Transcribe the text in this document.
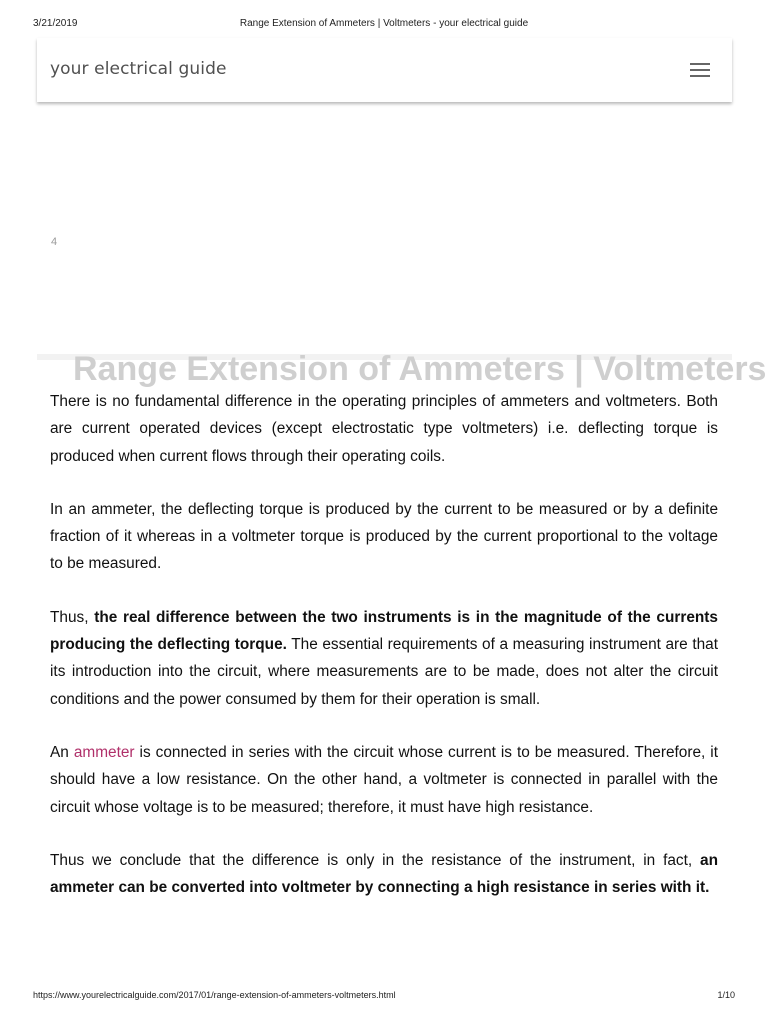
3/21/2019	Range Extension of Ammeters | Voltmeters - your electrical guide
your electrical guide
4
Range Extension of Ammeters | Voltmeters

There is no fundamental difference in the operating principles of ammeters and voltmeters. Both are current operated devices (except electrostatic type voltmeters) i.e. deflecting torque is produced when current flows through their operating coils.

In an ammeter, the deflecting torque is produced by the current to be measured or by a definite fraction of it whereas in a voltmeter torque is produced by the current proportional to the voltage to be measured.

Thus, the real difference between the two instruments is in the magnitude of the currents producing the deflecting torque. The essential requirements of a measuring instrument are that its introduction into the circuit, where measurements are to be made, does not alter the circuit conditions and the power consumed by them for their operation is small.

An ammeter is connected in series with the circuit whose current is to be measured. Therefore, it should have a low resistance. On the other hand, a voltmeter is connected in parallel with the circuit whose voltage is to be measured; therefore, it must have high resistance.

Thus we conclude that the difference is only in the resistance of the instrument, in fact, an ammeter can be converted into voltmeter by connecting a high resistance in series with it.

https://www.yourelectricalguide.com/2017/01/range-extension-of-ammeters-voltmeters.html	1/10
